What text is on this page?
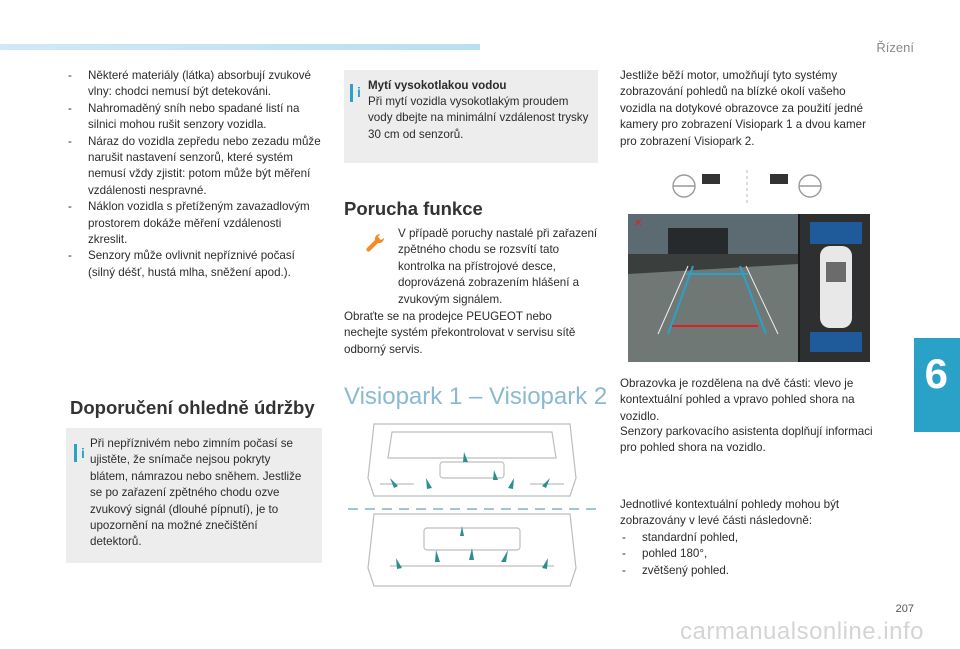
Řízení
6
207
carmanualsonline.info
- Některé materiály (látka) absorbují zvukové vlny: chodci nemusí být detekováni.
- Nahromaděný sníh nebo spadané listí na silnici mohou rušit senzory vozidla.
- Náraz do vozidla zepředu nebo zezadu může narušit nastavení senzorů, které systém nemusí vždy zjistit: potom může být měření vzdálenosti nespravné.
- Náklon vozidla s přetíženým zavazadlovým prostorem dokáže měření vzdálenosti zkreslit.
- Senzory může ovlivnit nepříznivé počasí (silný déšť, hustá mlha, sněžení apod.).
Doporučení ohledně údržby
i
Při nepříznivém nebo zimním počasí se ujistěte, že snímače nejsou pokryty blátem, námrazou nebo sněhem. Jestliže se po zařazení zpětného chodu ozve zvukový signál (dlouhé pípnutí), je to upozornění na možné znečištění detektorů.
i Mytí vysokotlakou vodou
Při mytí vozidla vysokotlakým proudem vody dbejte na minimální vzdálenost trysky 30 cm od senzorů.
Porucha funkce
V případě poruchy nastalé při zařazení zpětného chodu se rozsvítí tato kontrolka na přístrojové desce, doprovázená zobrazením hlášení a zvukovým signálem.
Obraťte se na prodejce PEUGEOT nebo nechejte systém překontrolovat v servisu sítě odborný servis.
Visiopark 1 – Visiopark 2
Jestliže běží motor, umožňují tyto systémy zobrazování pohledů na blízké okolí vašeho vozidla na dotykové obrazovce za použití jedné kamery pro zobrazení Visiopark 1 a dvou kamer pro zobrazení Visiopark 2.
✕
Obrazovka je rozdělena na dvě části: vlevo je kontextuální pohled a vpravo pohled shora na vozidlo.
Senzory parkovacího asistenta doplňují informaci pro pohled shora na vozidlo.
Jednotlivé kontextuální pohledy mohou být zobrazovány v levé části následovně:
- standardní pohled,
- pohled 180°,
- zvětšený pohled.
